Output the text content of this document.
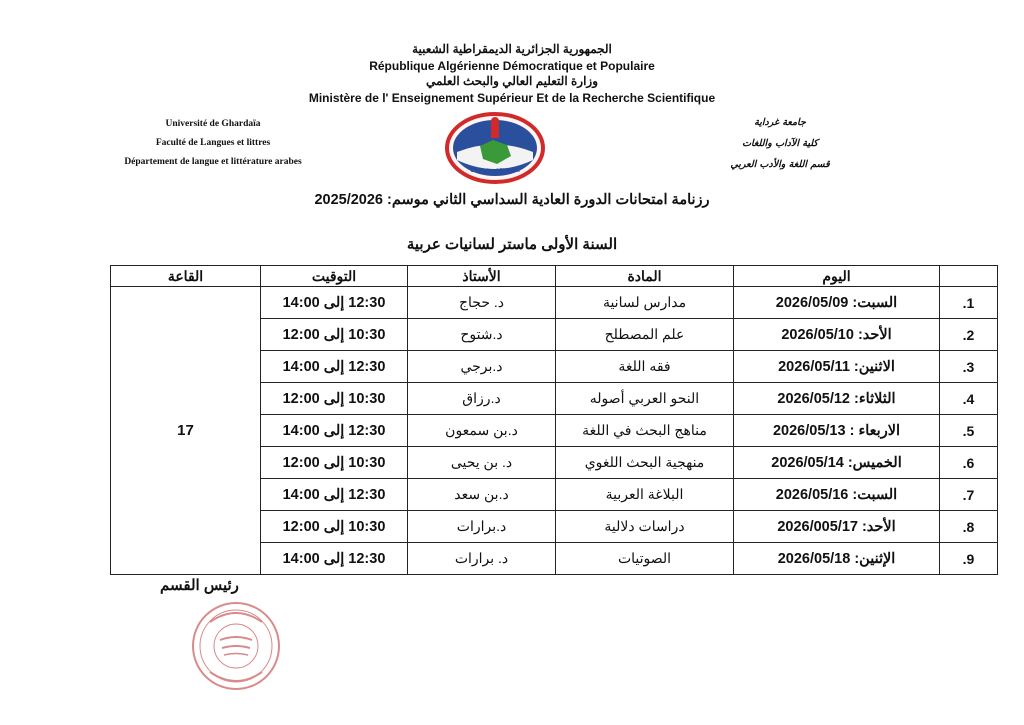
الجمهورية الجزائرية الديمقراطية الشعبية
République Algérienne Démocratique et Populaire
وزارة التعليم العالي والبحث العلمي
Ministère de l' Enseignement Supérieur Et de la Recherche Scientifique
Université de Ghardaïa
Faculté de Langues et littres
Département de langue et littérature arabes
جامعة غرداية
كلية الآداب واللغات
قسم اللغة والأدب العربي
University of Ghardaia
رزنامة امتحانات الدورة العادية السداسي الثاني موسم: 2025/2026
السنة الأولى ماستر لسانيات عربية
	اليوم	المادة	الأستاذ	التوقيت	القاعة
1.	السبت: 2026/05/09	مدارس لسانية	د. حجاج	12:30 إلى 14:00	17
2.	الأحد: 2026/05/10	علم المصطلح	د.شتوح	10:30 إلى 12:00	
3.	الاثنين: 2026/05/11	فقه اللغة	د.برجي	12:30 إلى 14:00	
4.	الثلاثاء: 2026/05/12	النحو العربي أصوله	د.رزاق	10:30 إلى 12:00	
5.	الاربعاء : 2026/05/13	مناهج البحث في اللغة	د.بن سمعون	12:30 إلى 14:00	
6.	الخميس: 2026/05/14	منهجية البحث اللغوي	د. بن يحيى	10:30 إلى 12:00	
7.	السبت: 2026/05/16	البلاغة العربية	د.بن سعد	12:30 إلى 14:00	
8.	الأحد: 2026/005/17	دراسات دلالية	د.برارات	10:30 إلى 12:00	
9.	الإثنين: 2026/05/18	الصوتيات	د. برارات	12:30 إلى 14:00	
رئيس القسم
